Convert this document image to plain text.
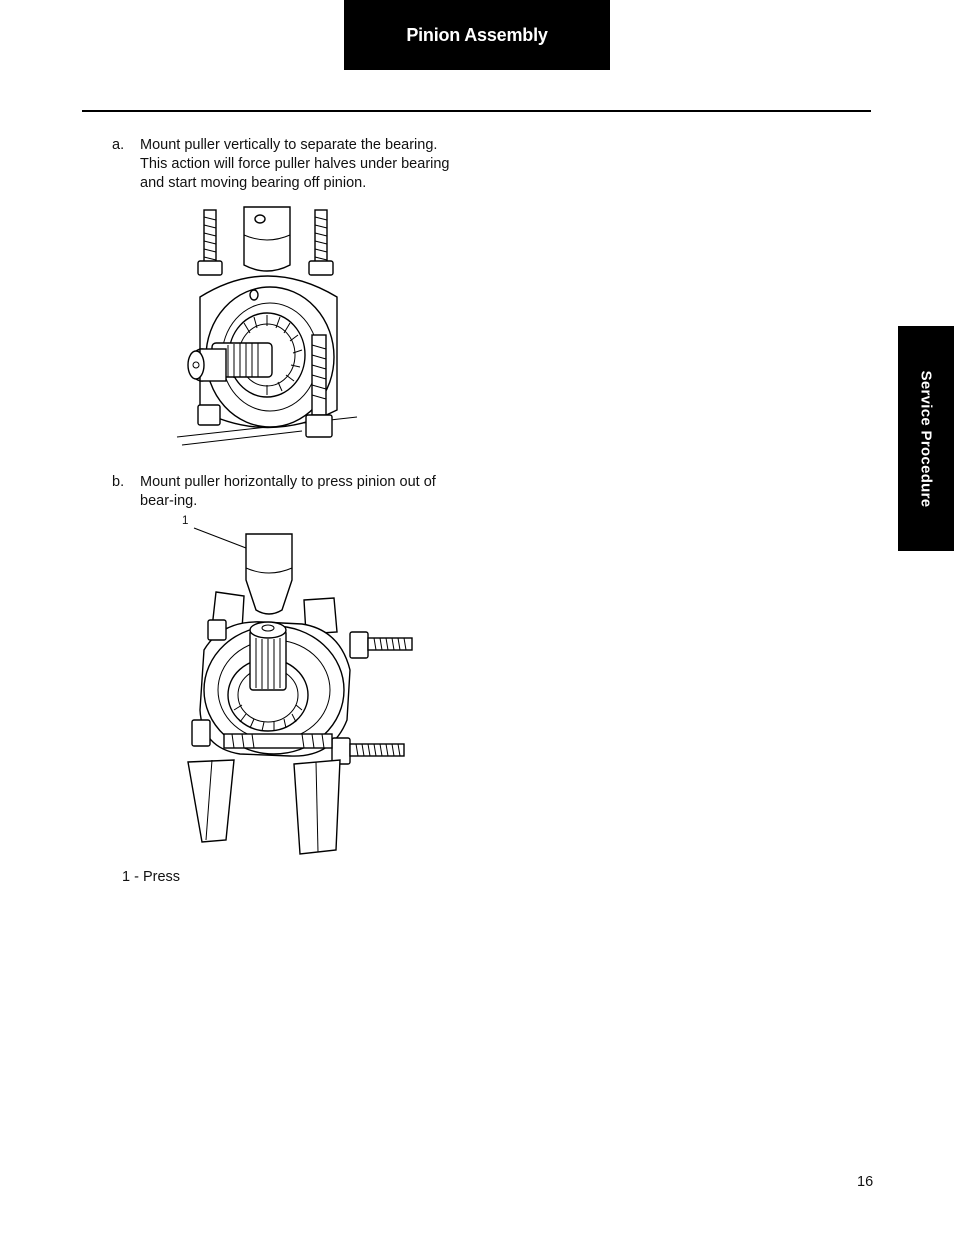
Pinion Assembly
Service Procedure
a.	Mount puller vertically to separate the bearing. This action will force puller halves under bearing and start moving bearing off pinion.
b.	Mount puller horizontally to press pinion out of bear-ing.
1
1 - Press
16
